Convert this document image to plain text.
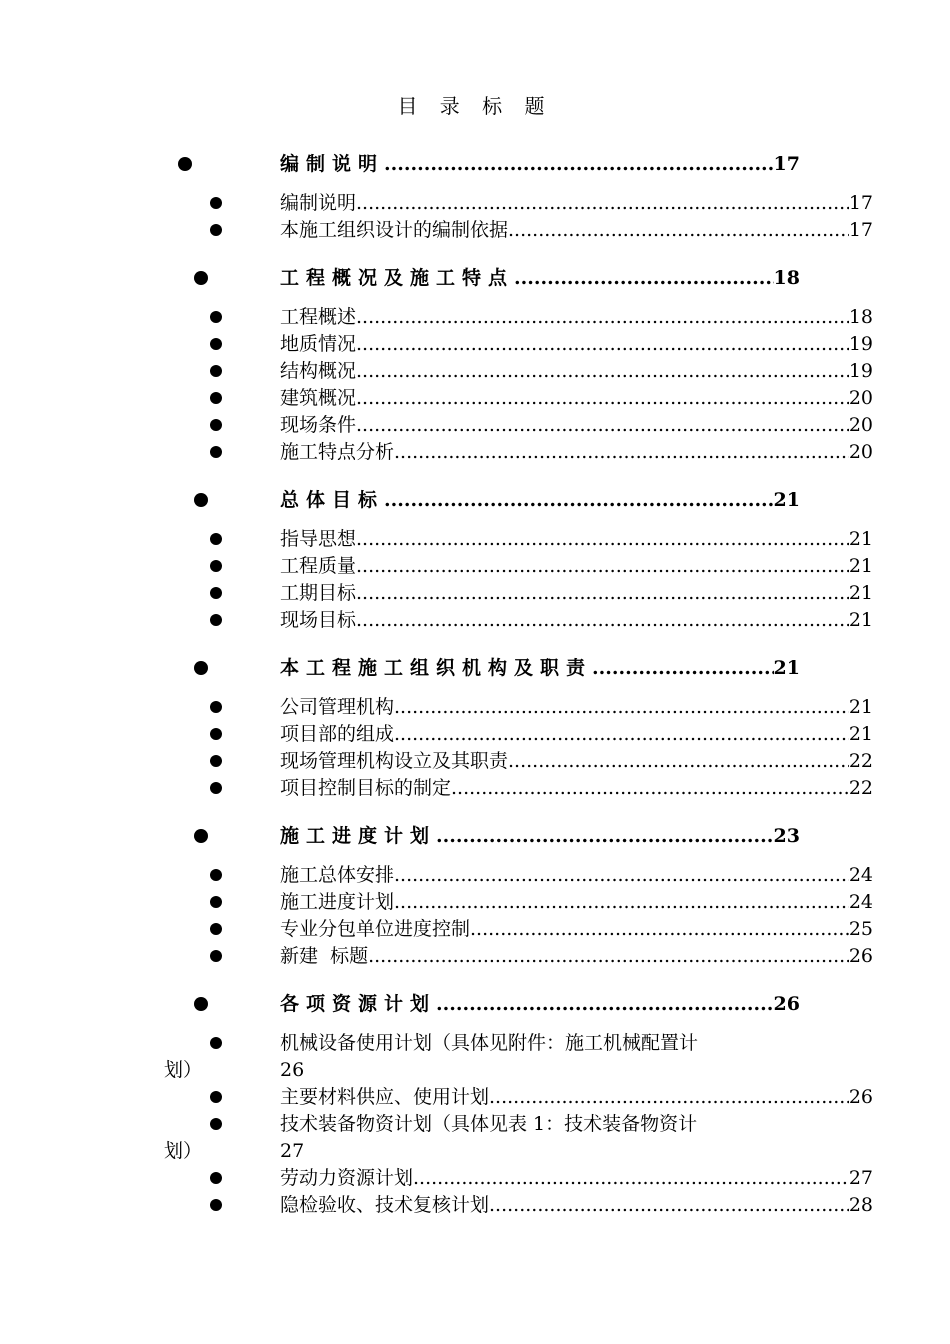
目 录 标 题
编制说明 .....	17
编制说明 .....	17
本施工组织设计的编制依据 .....	17
工程概况及施工特点 .....	18
工程概述 .....	18
地质情况 .....	19
结构概况 .....	19
建筑概况 .....	20
现场条件 .....	20
施工特点分析 .....	20
总体目标 .....	21
指导思想 .....	21
工程质量 .....	21
工期目标 .....	21
现场目标 .....	21
本工程施工组织机构及职责 .....	21
公司管理机构 .....	21
项目部的组成 .....	21
现场管理机构设立及其职责 .....	22
项目控制目标的制定 .....	22
施工进度计划 .....	23
施工总体安排 .....	24
施工进度计划 .....	24
专业分包单位进度控制 .....	25
新建  标题 .....	26
各项资源计划 .....	26
机械设备使用计划（具体见附件：施工机械配置计
划）	26
主要材料供应、使用计划 .....	26
技术装备物资计划（具体见表 1：技术装备物资计
划）	27
劳动力资源计划 .....	27
隐检验收、技术复核计划 .....	28
